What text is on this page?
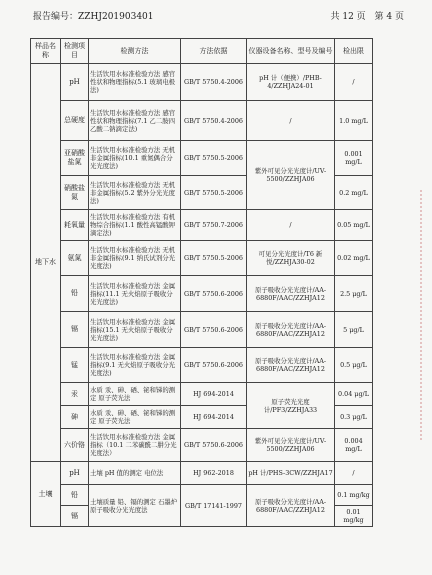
报告编号：ZZHJ201903401	共 12 页 第 4 页
样品名称	检测项目	检测方法	方法依据	仪器设备名称、型号及编号	检出限
地下水	pH	生活饮用水标准检验方法 感官性状和物理指标(5.1 玻璃电极法)	GB/T 5750.4-2006	pH 计（便携）/PHB-4/ZZHJA24-01	/
	总硬度	生活饮用水标准检验方法 感官性状和物理指标(7.1 乙二胺四乙酸二钠滴定法)	GB/T 5750.4-2006	/	1.0 mg/L
	亚硝酸盐氮	生活饮用水标准检验方法 无机非金属指标(10.1 重氮偶合分光光度法)	GB/T 5750.5-2006	紫外可见分光光度计/UV-5500/ZZHJA06	0.001 mg/L
	硝酸盐氮	生活饮用水标准检验方法 无机非金属指标(5.2 紫外分光光度法)	GB/T 5750.5-2006		0.2 mg/L
	耗氧量	生活饮用水标准检验方法 有机物综合指标(1.1 酸性高锰酸钾滴定法)	GB/T 5750.7-2006	/	0.05 mg/L
	氨氮	生活饮用水标准检验方法 无机非金属指标(9.1 纳氏试剂分光光度法)	GB/T 5750.5-2006	可见分光光度计/T6 新悦/ZZHJA30-02	0.02 mg/L
	铅	生活饮用水标准检验方法 金属指标(11.1 无火焰原子吸收分光光度法)	GB/T 5750.6-2006	原子吸收分光光度计/AA-6880F/AAC/ZZHJA12	2.5 μg/L
	镉	生活饮用水标准检验方法 金属指标(15.1 无火焰原子吸收分光光度法)	GB/T 5750.6-2006	原子吸收分光光度计/AA-6880F/AAC/ZZHJA12	5 μg/L
	锰	生活饮用水标准检验方法 金属指标(9.1 无火焰原子吸收分光光度法)	GB/T 5750.6-2006	原子吸收分光光度计/AA-6880F/AAC/ZZHJA12	0.5 μg/L
	汞	水质 汞、砷、硒、铋和锑的测定 原子荧光法	HJ 694-2014	原子荧光光度计/PF3/ZZHJA33	0.04 μg/L
	砷	水质 汞、砷、硒、铋和锑的测定 原子荧光法	HJ 694-2014		0.3 μg/L
	六价铬	生活饮用水标准检验方法 金属指标（10.1 二苯碳酰二肼分光光度法）	GB/T 5750.6-2006	紫外可见分光光度计/UV-5500/ZZHJA06	0.004 mg/L
土壤	pH	土壤 pH 值的测定 电位法	HJ 962-2018	pH 计/PHS-3CW/ZZHJA17	/
	铅	土壤质量 铅、镉的测定 石墨炉原子吸收分光光度法	GB/T 17141-1997	原子吸收分光光度计/AA-6880F/AAC/ZZHJA12	0.1 mg/kg
	镉				0.01 mg/kg
